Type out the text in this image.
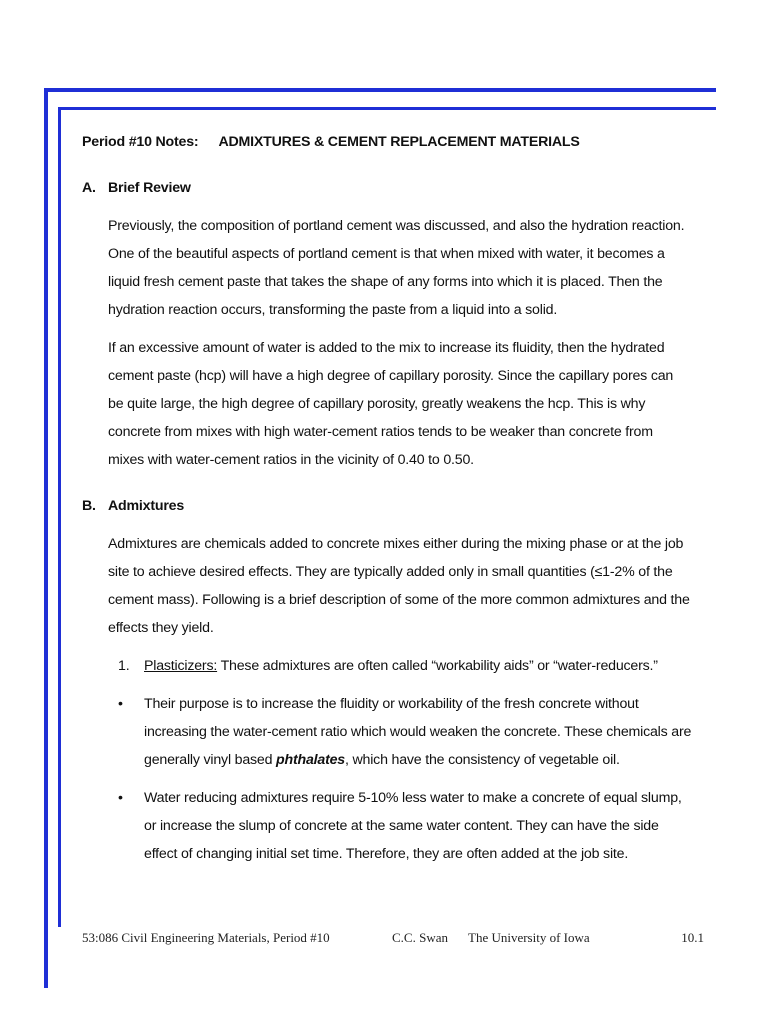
Period #10 Notes: ADMIXTURES & CEMENT REPLACEMENT MATERIALS
A. Brief Review

Previously, the composition of portland cement was discussed, and also the hydration reaction. One of the beautiful aspects of portland cement is that when mixed with water, it becomes a liquid fresh cement paste that takes the shape of any forms into which it is placed. Then the hydration reaction occurs, transforming the paste from a liquid into a solid.

If an excessive amount of water is added to the mix to increase its fluidity, then the hydrated cement paste (hcp) will have a high degree of capillary porosity. Since the capillary pores can be quite large, the high degree of capillary porosity, greatly weakens the hcp. This is why concrete from mixes with high water-cement ratios tends to be weaker than concrete from mixes with water-cement ratios in the vicinity of 0.40 to 0.50.

B. Admixtures

Admixtures are chemicals added to concrete mixes either during the mixing phase or at the job site to achieve desired effects. They are typically added only in small quantities (≤1-2% of the cement mass). Following is a brief description of some of the more common admixtures and the effects they yield.

1. Plasticizers: These admixtures are often called “workability aids” or “water-reducers.”
•	Their purpose is to increase the fluidity or workability of the fresh concrete without increasing the water-cement ratio which would weaken the concrete. These chemicals are generally vinyl based phthalates, which have the consistency of vegetable oil.
•	Water reducing admixtures require 5-10% less water to make a concrete of equal slump, or increase the slump of concrete at the same water content. They can have the side effect of changing initial set time. Therefore, they are often added at the job site.
53:086 Civil Engineering Materials, Period #10	C.C. Swan The University of Iowa	10.1
